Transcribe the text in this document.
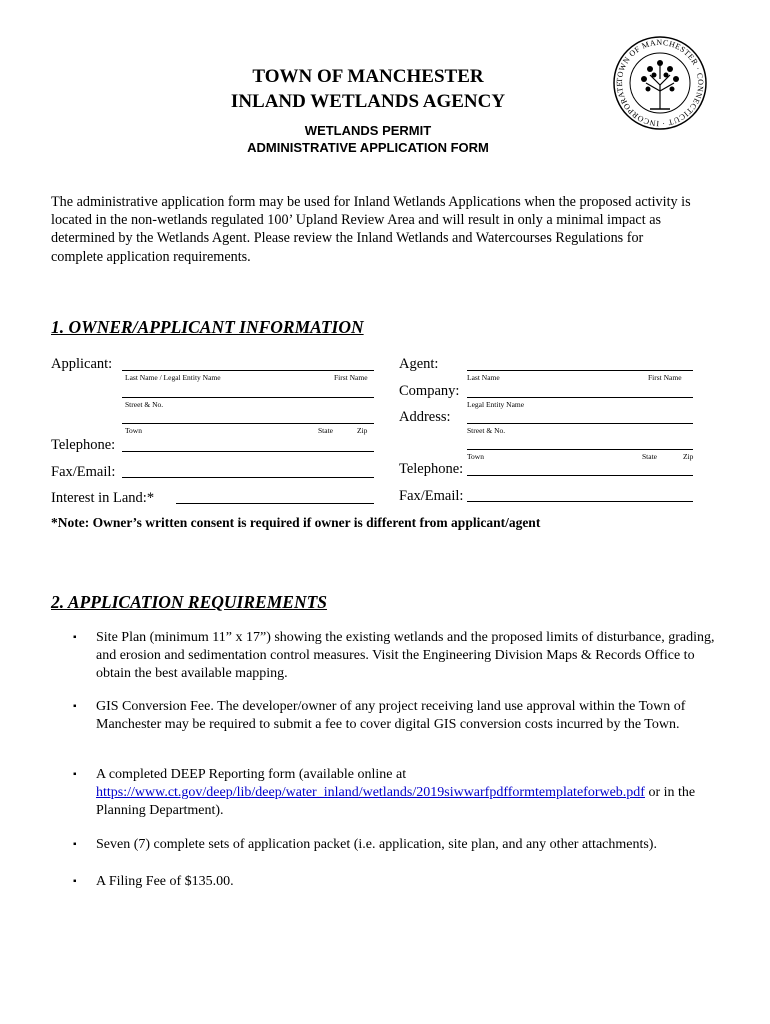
TOWN OF MANCHESTER · CONNECTICUT · INCORPORATE
TOWN OF MANCHESTER
INLAND WETLANDS AGENCY
WETLANDS PERMIT
ADMINISTRATIVE APPLICATION FORM
The administrative application form may be used for Inland Wetlands Applications when the proposed activity is located in the non-wetlands regulated 100’ Upland Review Area and will result in only a minimal impact as determined by the Wetlands Agent. Please review the Inland Wetlands and Watercourses Regulations for complete application requirements.
1. OWNER/APPLICANT INFORMATION
Applicant:
Last Name / Legal Entity Name	First Name
Street & No.
Town	State	Zip
Telephone:
Fax/Email:
Interest in Land:*
Agent:
Last Name	First Name
Company:
Legal Entity Name
Address:
Street & No.
Town	State	Zip
Telephone:
Fax/Email:
*Note: Owner’s written consent is required if owner is different from applicant/agent
2. APPLICATION REQUIREMENTS
▪ Site Plan (minimum 11” x 17”) showing the existing wetlands and the proposed limits of disturbance, grading, and erosion and sedimentation control measures. Visit the Engineering Division Maps & Records Office to obtain the best available mapping.
▪ GIS Conversion Fee. The developer/owner of any project receiving land use approval within the Town of Manchester may be required to submit a fee to cover digital GIS conversion costs incurred by the Town.
▪ A completed DEEP Reporting form (available online at
https://www.ct.gov/deep/lib/deep/water_inland/wetlands/2019siwwarfpdfformtemplateforweb.pdf or in the Planning Department).
▪ Seven (7) complete sets of application packet (i.e. application, site plan, and any other attachments).
▪ A Filing Fee of $135.00.
